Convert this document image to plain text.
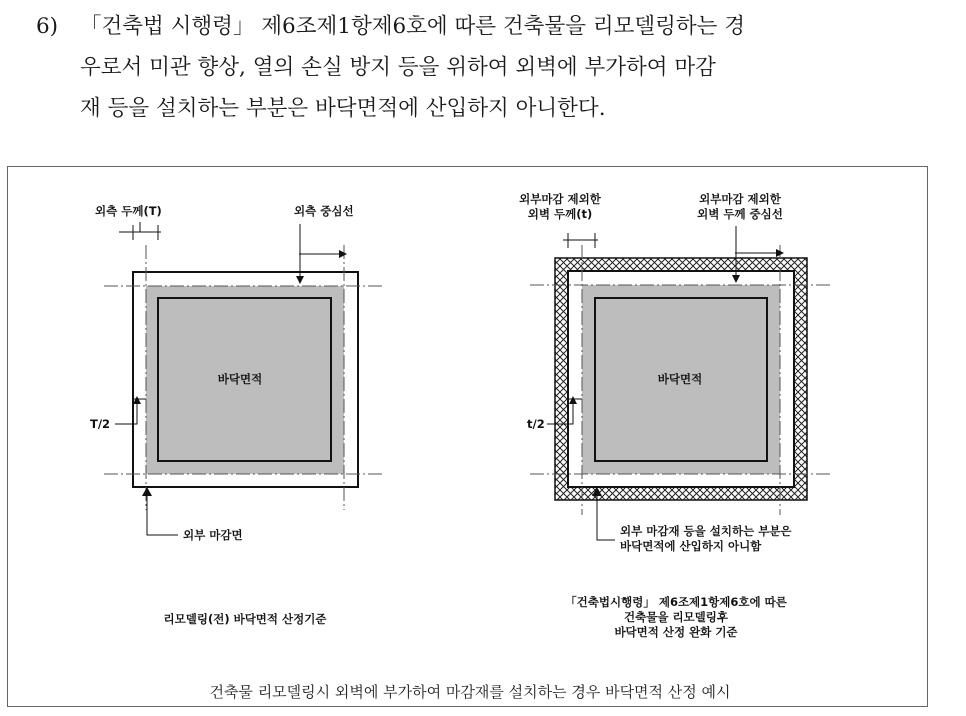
6)	「건축법 시행령」 제6조제1항제6호에 따른 건축물을 리모델링하는 경
우로서 미관 향상, 열의 손실 방지 등을 위하여 외벽에 부가하여 마감
재 등을 설치하는 부분은 바닥면적에 산입하지 아니한다.
바닥면적
외측 두께(T)	외측 중심선
T/2
외부 마감면
리모델링(전) 바닥면적 산정기준
바닥면적
외부마감 제외한
외벽 두께(t)
외부마감 제외한
외벽 두께 중심선
t/2
외부 마감재 등을 설치하는 부분은
바닥면적에 산입하지 아니함
「건축법시행령」 제6조제1항제6호에 따른
건축물을 리모델링후
바닥면적 산정 완화 기준
건축물 리모델링시 외벽에 부가하여 마감재를 설치하는 경우 바닥면적 산정 예시
